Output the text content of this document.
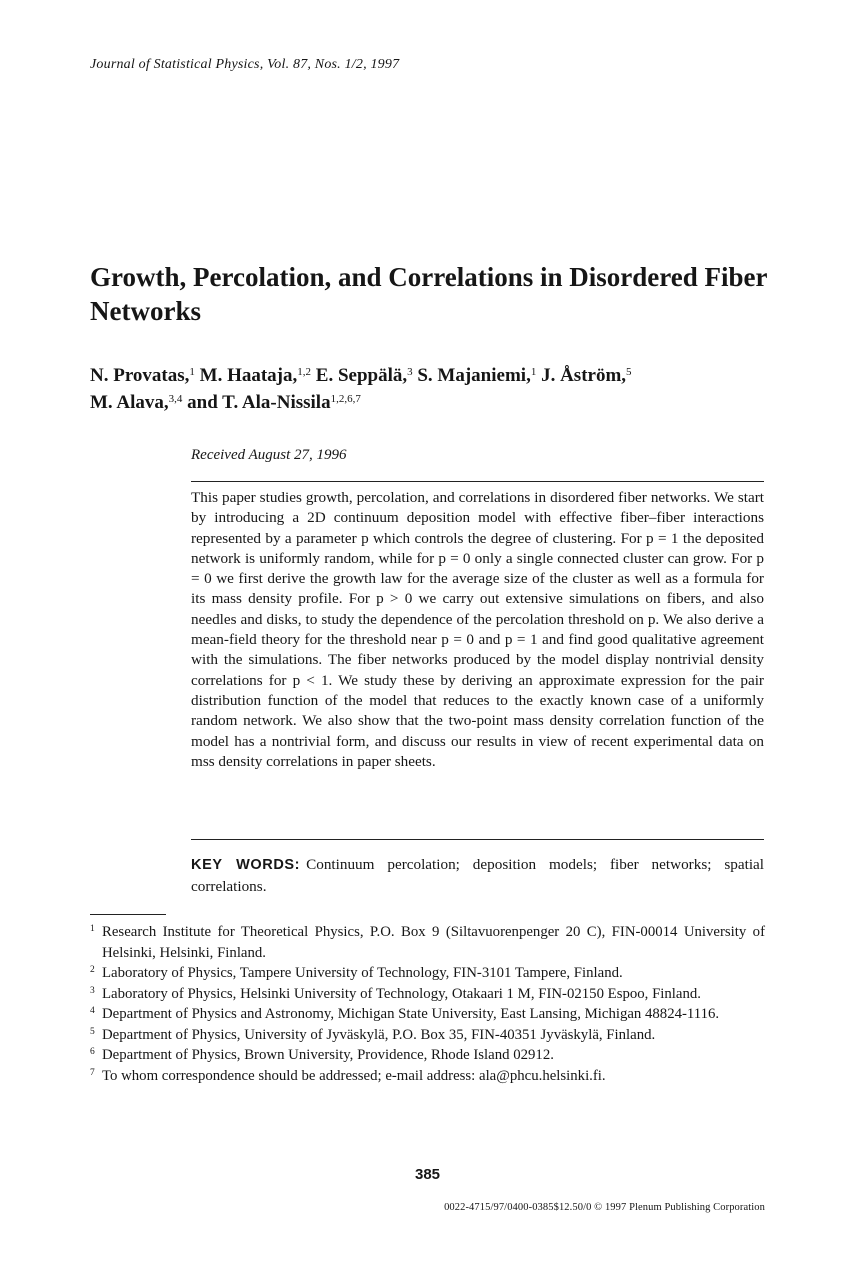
Journal of Statistical Physics, Vol. 87, Nos. 1/2, 1997
Growth, Percolation, and Correlations in Disordered Fiber Networks
N. Provatas,$^1$ M. Haataja,$^{1,2}$ E. Seppälä,$^3$ S. Majaniemi,$^1$ J. Åström,$^5$
M. Alava,$^{3,4}$ and T. Ala-Nissila$^{1,2,6,7}$
Received August 27, 1996
This paper studies growth, percolation, and correlations in disordered fiber networks. We start by introducing a 2D continuum deposition model with effective fiber–fiber interactions represented by a parameter p which controls the degree of clustering. For p = 1 the deposited network is uniformly random, while for p = 0 only a single connected cluster can grow. For p = 0 we first derive the growth law for the average size of the cluster as well as a formula for its mass density profile. For p > 0 we carry out extensive simulations on fibers, and also needles and disks, to study the dependence of the percolation threshold on p. We also derive a mean-field theory for the threshold near p = 0 and p = 1 and find good qualitative agreement with the simulations. The fiber networks produced by the model display nontrivial density correlations for p < 1. We study these by deriving an approximate expression for the pair distribution function of the model that reduces to the exactly known case of a uniformly random network. We also show that the two-point mass density correlation function of the model has a nontrivial form, and discuss our results in view of recent experimental data on mss density correlations in paper sheets.
KEY WORDS: Continuum percolation; deposition models; fiber networks; spatial correlations.
1 Research Institute for Theoretical Physics, P.O. Box 9 (Siltavuorenpenger 20 C), FIN-00014 University of Helsinki, Helsinki, Finland.
2 Laboratory of Physics, Tampere University of Technology, FIN-3101 Tampere, Finland.
3 Laboratory of Physics, Helsinki University of Technology, Otakaari 1 M, FIN-02150 Espoo, Finland.
4 Department of Physics and Astronomy, Michigan State University, East Lansing, Michigan 48824-1116.
5 Department of Physics, University of Jyväskylä, P.O. Box 35, FIN-40351 Jyväskylä, Finland.
6 Department of Physics, Brown University, Providence, Rhode Island 02912.
7 To whom correspondence should be addressed; e-mail address: ala@phcu.helsinki.fi.
385
0022-4715/97/0400-0385$12.50/0 © 1997 Plenum Publishing Corporation
